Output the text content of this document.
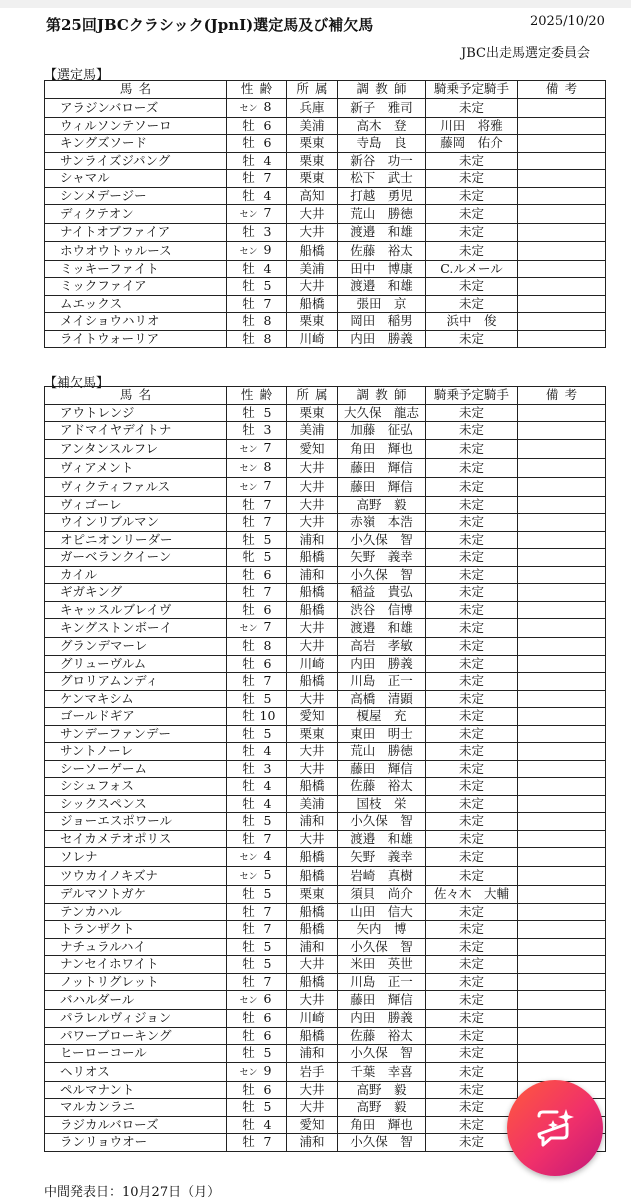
第25回JBCクラシック(JpnⅠ)選定馬及び補欠馬	2025/10/20
JBC出走馬選定委員会
【選定馬】
馬名	性齢	所属	調教師	騎乗予定騎手	備考
アラジンバローズ	セン 8	兵庫	新子　雅司	未定	
ウィルソンテソーロ	牡 6	美浦	高木　登	川田　将雅	
キングズソード	牡 6	栗東	寺島　良	藤岡　佑介	
サンライズジパング	牡 4	栗東	新谷　功一	未定	
シャマル	牡 7	栗東	松下　武士	未定	
シンメデージー	牡 4	高知	打越　勇児	未定	
ディクテオン	セン 7	大井	荒山　勝徳	未定	
ナイトオブファイア	牡 3	大井	渡邉　和雄	未定	
ホウオウトゥルース	セン 9	船橋	佐藤　裕太	未定	
ミッキーファイト	牡 4	美浦	田中　博康	C.ルメール	
ミックファイア	牡 5	大井	渡邉　和雄	未定	
ムエックス	牡 7	船橋	張田　京	未定	
メイショウハリオ	牡 8	栗東	岡田　稲男	浜中　俊	
ライトウォーリア	牡 8	川崎	内田　勝義	未定	
【補欠馬】
馬名	性齢	所属	調教師	騎乗予定騎手	備考
アウトレンジ	牡 5	栗東	大久保　龍志	未定	
アドマイヤデイトナ	牡 3	美浦	加藤　征弘	未定	
アンタンスルフレ	セン 7	愛知	角田　輝也	未定	
ヴィアメント	セン 8	大井	藤田　輝信	未定	
ヴィクティファルス	セン 7	大井	藤田　輝信	未定	
ヴィゴーレ	牡 7	大井	高野　毅	未定	
ウインリブルマン	牡 7	大井	赤嶺　本浩	未定	
オピニオンリーダー	牡 5	浦和	小久保　智	未定	
ガーベランクイーン	牝 5	船橋	矢野　義幸	未定	
カイル	牡 6	浦和	小久保　智	未定	
ギガキング	牡 7	船橋	稲益　貴弘	未定	
キャッスルブレイヴ	牡 6	船橋	渋谷　信博	未定	
キングストンボーイ	セン 7	大井	渡邉　和雄	未定	
グランデマーレ	牡 8	大井	高岩　孝敏	未定	
グリューヴルム	牡 6	川崎	内田　勝義	未定	
グロリアムンディ	牡 7	船橋	川島　正一	未定	
ケンマキシム	牡 5	大井	高橋　清顕	未定	
ゴールドギア	牡 10	愛知	榎屋　充	未定	
サンデーファンデー	牡 5	栗東	東田　明士	未定	
サントノーレ	牡 4	大井	荒山　勝徳	未定	
シーソーゲーム	牡 3	大井	藤田　輝信	未定	
シシュフォス	牡 4	船橋	佐藤　裕太	未定	
シックスペンス	牡 4	美浦	国枝　栄	未定	
ジョーエスポワール	牡 5	浦和	小久保　智	未定	
セイカメテオポリス	牡 7	大井	渡邉　和雄	未定	
ソレナ	セン 4	船橋	矢野　義幸	未定	
ツウカイノキズナ	セン 5	船橋	岩崎　真樹	未定	
デルマソトガケ	牡 5	栗東	須貝　尚介	佐々木　大輔	
テンカハル	牡 7	船橋	山田　信大	未定	
トランザクト	牡 7	船橋	矢内　博	未定	
ナチュラルハイ	牡 5	浦和	小久保　智	未定	
ナンセイホワイト	牡 5	大井	米田　英世	未定	
ノットリグレット	牡 7	船橋	川島　正一	未定	
バハルダール	セン 6	大井	藤田　輝信	未定	
パラレルヴィジョン	牡 6	川崎	内田　勝義	未定	
パワーブローキング	牡 6	船橋	佐藤　裕太	未定	
ヒーローコール	牡 5	浦和	小久保　智	未定	
ヘリオス	セン 9	岩手	千葉　幸喜	未定	
ペルマナント	牡 6	大井	高野　毅	未定	
マルカンラニ	牡 5	大井	高野　毅	未定	
ラジカルバローズ	牡 4	愛知	角田　輝也	未定	
ランリョウオー	牡 7	浦和	小久保　智	未定	
中間発表日：10月27日（月）
